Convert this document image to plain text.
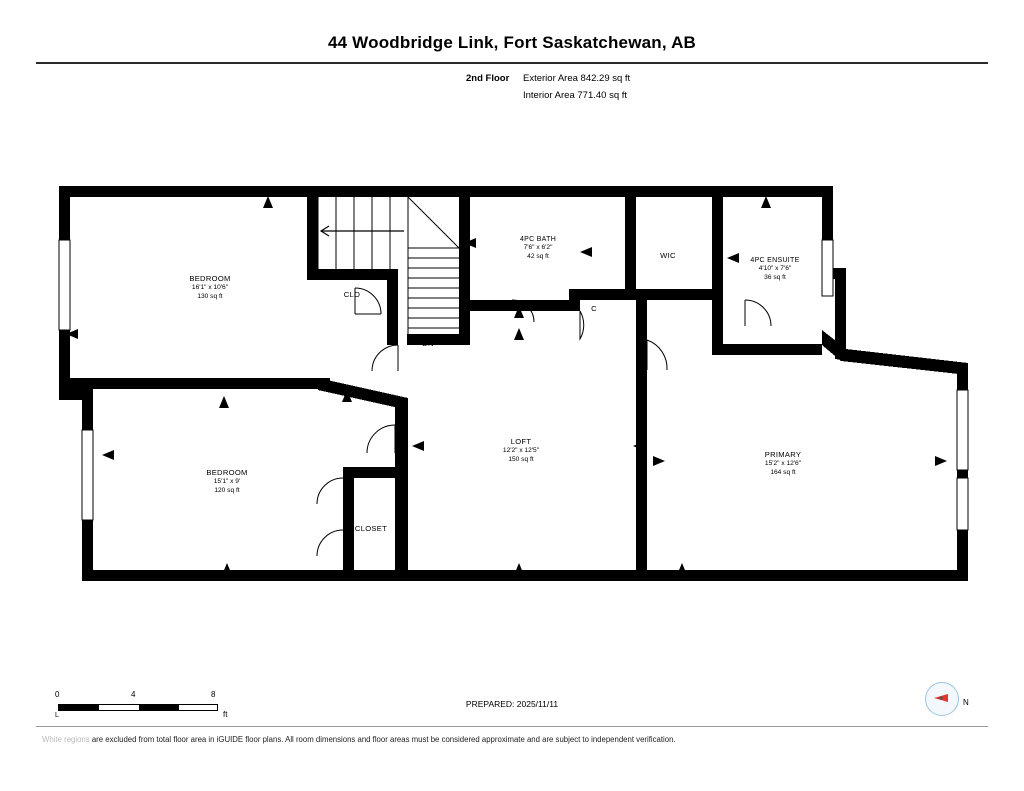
44 Woodbridge Link, Fort Saskatchewan, AB
2nd Floor Exterior Area 842.29 sq ft
Interior Area 771.40 sq ft
BEDROOM
16'1" x 10'6"
130 sq ft
BEDROOM
15'1" x 9'
120 sq ft
LOFT
12'2" x 12'5"
150 sq ft
PRIMARY
15'2" x 12'6"
164 sq ft
4PC BATH
7'6" x 6'2"
42 sq ft
4PC ENSUITE
4'10" x 7'6"
36 sq ft
CLO
CLOSET
WIC
C
DN
0	4	8
L	ft
PREPARED: 2025/11/11	N
White regions are excluded from total floor area in iGUIDE floor plans. All room dimensions and floor areas must be considered approximate and are subject to independent verification.
